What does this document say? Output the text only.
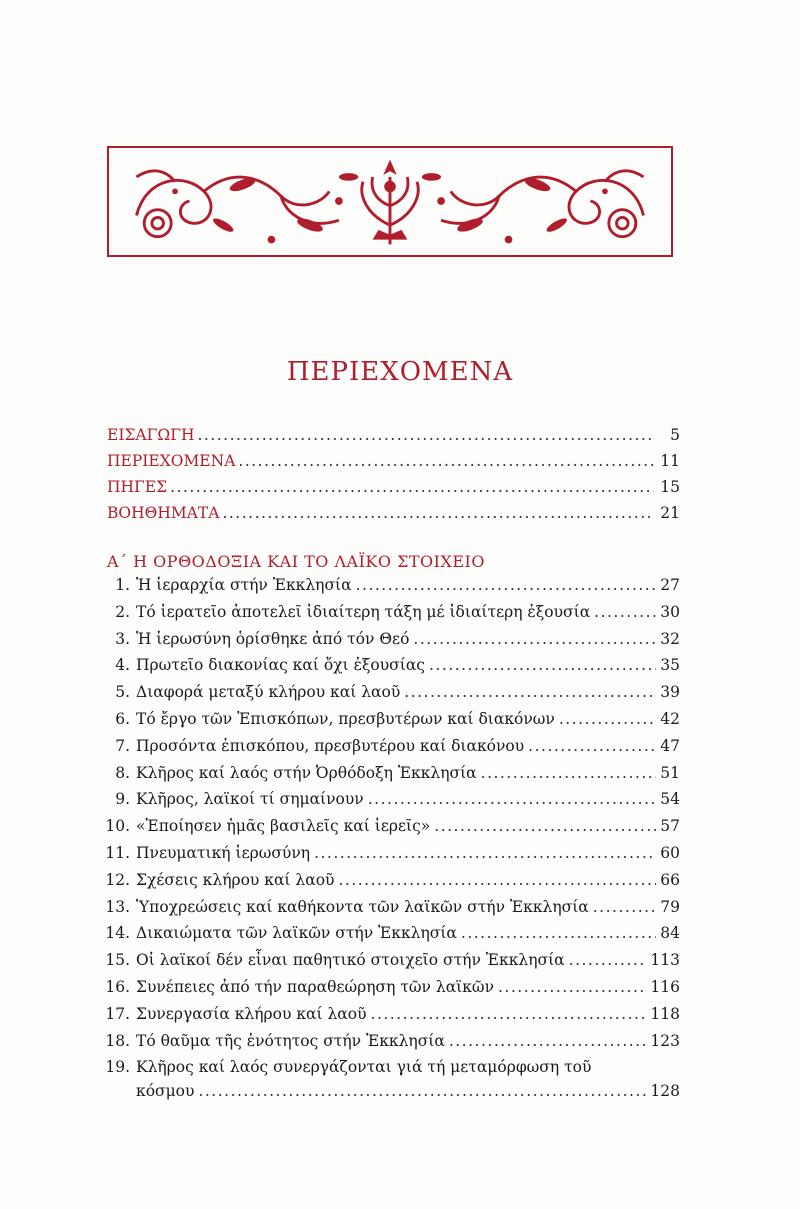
ΠΕΡΙΕΧΟΜΕΝΑ
ΕΙΣΑΓΩΓΗ .....	5
ΠΕΡΙΕΧΟΜΕΝΑ .....	11
ΠΗΓΕΣ .....	15
ΒΟΗΘΗΜΑΤΑ .....	21
Α΄ Η ΟΡΘΟΔΟΞΙΑ ΚΑΙ ΤΟ ΛΑΪΚΟ ΣΤΟΙΧΕΙΟ
1. Ἡ ἱεραρχία στήν Ἐκκλησία .....	27
2. Τό ἱερατεῖο ἀποτελεῖ ἰδιαίτερη τάξη μέ ἰδιαίτερη ἐξουσία .....	30
3. Ἡ ἱερωσύνη ὁρίσθηκε ἀπό τόν Θεό .....	32
4. Πρωτεῖο διακονίας καί ὄχι ἐξουσίας .....	35
5. Διαφορά μεταξύ κλήρου καί λαοῦ .....	39
6. Τό ἔργο τῶν Ἐπισκόπων, πρεσβυτέρων καί διακόνων .....	42
7. Προσόντα ἐπισκόπου, πρεσβυτέρου καί διακόνου .....	47
8. Κλῆρος καί λαός στήν Ὀρθόδοξη Ἐκκλησία .....	51
9. Κλῆρος, λαϊκοί τί σημαίνουν .....	54
10. «Ἐποίησεν ἡμᾶς βασιλεῖς καί ἱερεῖς» .....	57
11. Πνευματική ἱερωσύνη .....	60
12. Σχέσεις κλήρου καί λαοῦ .....	66
13. Ὑποχρεώσεις καί καθήκοντα τῶν λαϊκῶν στήν Ἐκκλησία .....	79
14. Δικαιώματα τῶν λαϊκῶν στήν Ἐκκλησία .....	84
15. Οἱ λαϊκοί δέν εἶναι παθητικό στοιχεῖο στήν Ἐκκλησία .....	113
16. Συνέπειες ἀπό τήν παραθεώρηση τῶν λαϊκῶν .....	116
17. Συνεργασία κλήρου καί λαοῦ .....	118
18. Τό θαῦμα τῆς ἑνότητος στήν Ἐκκλησία .....	123
19. Κλῆρος καί λαός συνεργάζονται γιά τή μεταμόρφωση τοῦ
κόσμου .....	128
